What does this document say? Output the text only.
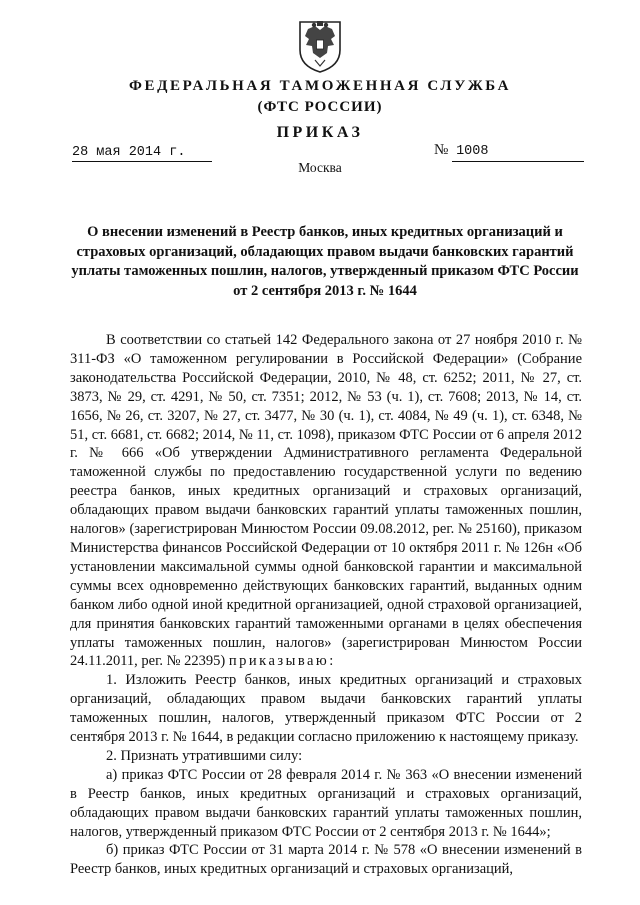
ФЕДЕРАЛЬНАЯ ТАМОЖЕННАЯ СЛУЖБА
(ФТС РОССИИ)
ПРИКАЗ
28 мая 2014 г.	№ 1008
Москва
О внесении изменений в Реестр банков, иных кредитных организаций и страховых организаций, обладающих правом выдачи банковских гарантий уплаты таможенных пошлин, налогов, утвержденный приказом ФТС России от 2 сентября 2013 г. № 1644

В соответствии со статьей 142 Федерального закона от 27 ноября 2010 г. № 311-ФЗ «О таможенном регулировании в Российской Федерации» (Собрание законодательства Российской Федерации, 2010, № 48, ст. 6252; 2011, № 27, ст. 3873, № 29, ст. 4291, № 50, ст. 7351; 2012, № 53 (ч. 1), ст. 7608; 2013, № 14, ст. 1656, № 26, ст. 3207, № 27, ст. 3477, № 30 (ч. 1), ст. 4084, № 49 (ч. 1), ст. 6348, № 51, ст. 6681, ст. 6682; 2014, № 11, ст. 1098), приказом ФТС России от 6 апреля 2012 г. № 666 «Об утверждении Административного регламента Федеральной таможенной службы по предоставлению государственной услуги по ведению реестра банков, иных кредитных организаций и страховых организаций, обладающих правом выдачи банковских гарантий уплаты таможенных пошлин, налогов» (зарегистрирован Минюстом России 09.08.2012, рег. № 25160), приказом Министерства финансов Российской Федерации от 10 октября 2011 г. № 126н «Об установлении максимальной суммы одной банковской гарантии и максимальной суммы всех одновременно действующих банковских гарантий, выданных одним банком либо одной иной кредитной организацией, одной страховой организацией, для принятия банковских гарантий таможенными органами в целях обеспечения уплаты таможенных пошлин, налогов» (зарегистрирован Минюстом России 24.11.2011, рег. № 22395) приказываю:

1. Изложить Реестр банков, иных кредитных организаций и страховых организаций, обладающих правом выдачи банковских гарантий уплаты таможенных пошлин, налогов, утвержденный приказом ФТС России от 2 сентября 2013 г. № 1644, в редакции согласно приложению к настоящему приказу.

2. Признать утратившими силу:

а) приказ ФТС России от 28 февраля 2014 г. № 363 «О внесении изменений в Реестр банков, иных кредитных организаций и страховых организаций, обладающих правом выдачи банковских гарантий уплаты таможенных пошлин, налогов, утвержденный приказом ФТС России от 2 сентября 2013 г. № 1644»;

б) приказ ФТС России от 31 марта 2014 г. № 578 «О внесении изменений в Реестр банков, иных кредитных организаций и страховых организаций,
